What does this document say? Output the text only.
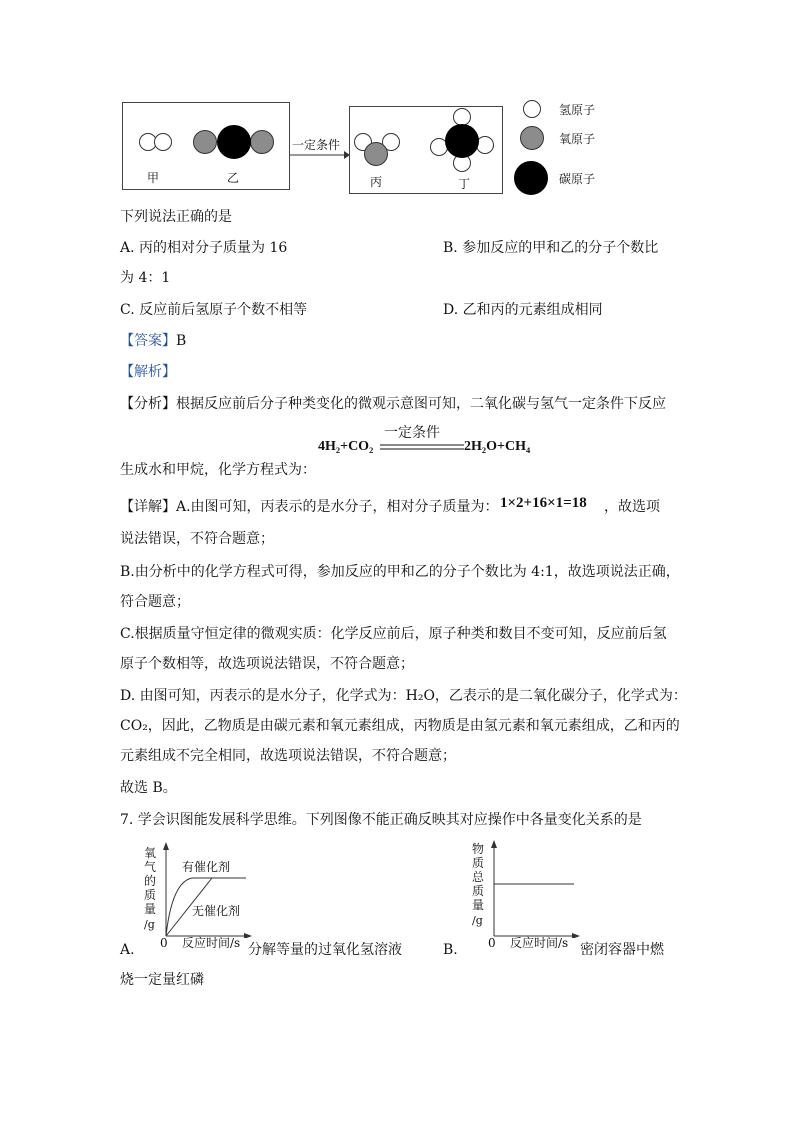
甲	乙
一定条件
丙	丁
氢原子
氧原子
碳原子
下列说法正确的是
A. 丙的相对分子质量为 16	B. 参加反应的甲和乙的分子个数比
为 4：1
C. 反应前后氢原子个数不相等	D. 乙和丙的元素组成相同
【答案】B
【解析】
【分析】根据反应前后分子种类变化的微观示意图可知，二氧化碳与氢气一定条件下反应
一定条件
4H₂+CO₂	2H₂O+CH₄
生成水和甲烷，化学方程式为：
【详解】A.由图可知，丙表示的是水分子，相对分子质量为： 1×2+16×1=18 ，故选项
说法错误，不符合题意；
B.由分析中的化学方程式可得，参加反应的甲和乙的分子个数比为 4:1，故选项说法正确，
符合题意；
C.根据质量守恒定律的微观实质：化学反应前后，原子种类和数目不变可知，反应前后氢
原子个数相等，故选项说法错误，不符合题意；
D. 由图可知，丙表示的是水分子，化学式为：H₂O，乙表示的是二氧化碳分子，化学式为：
CO₂，因此，乙物质是由碳元素和氧元素组成，丙物质是由氢元素和氧元素组成，乙和丙的
元素组成不完全相同，故选项说法错误，不符合题意；
故选 B。
7. 学会识图能发展科学思维。下列图像不能正确反映其对应操作中各量变化关系的是
氧
气
的
质
量
/g
有催化剂
无催化剂
0 反应时间/s
A.	分解等量的过氧化氢溶液
物
质
总
质
量
/g
0 反应时间/s
B.	密闭容器中燃
烧一定量红磷
